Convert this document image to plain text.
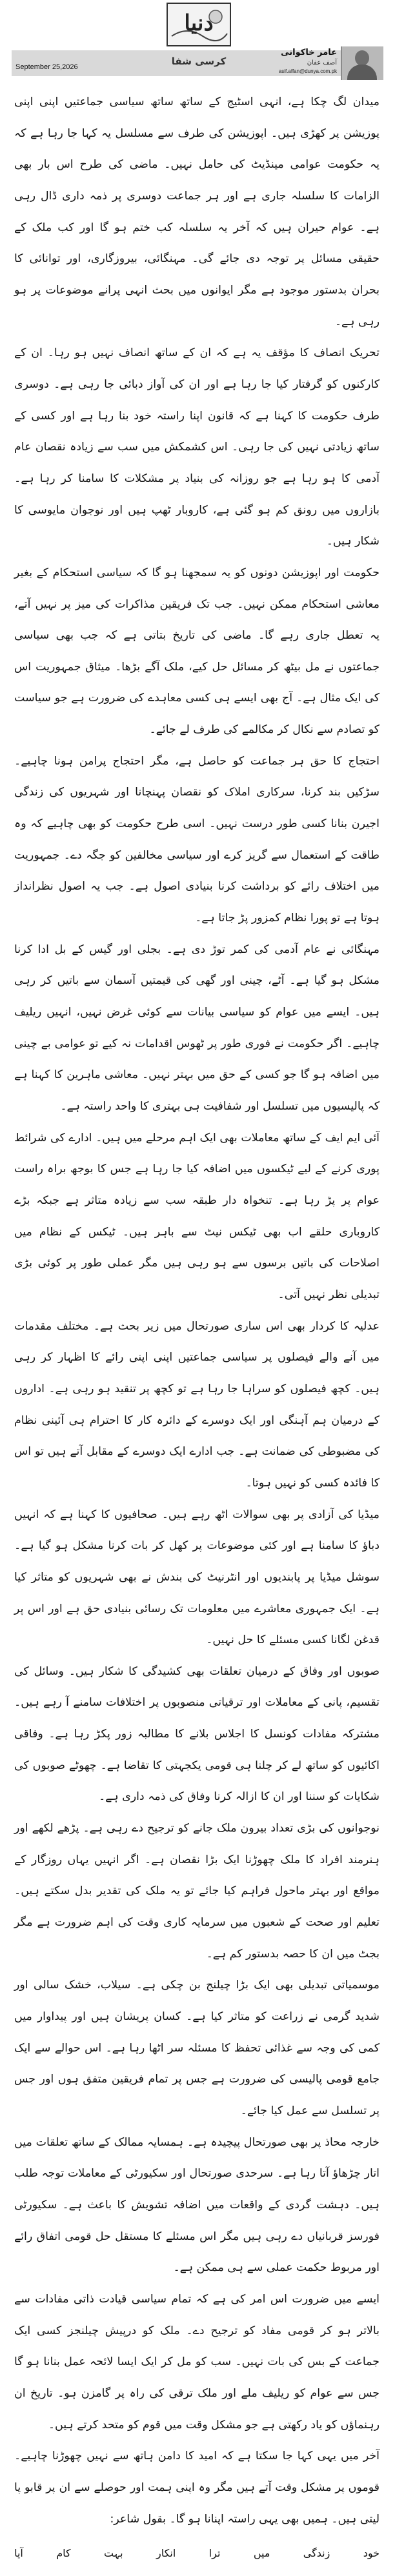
دنیا
عامر خاکوانی
آصف عفان
asif.affan@dunya.com.pk
کرسی شفا
September 25,2026

میدان لگ چکا ہے، انہی اسٹیج کے ساتھ ساتھ سیاسی جماعتیں اپنی اپنی پوزیشن پر کھڑی ہیں۔ اپوزیشن کی طرف سے مسلسل یہ کہا جا رہا ہے کہ یہ حکومت عوامی مینڈیٹ کی حامل نہیں۔ ماضی کی طرح اس بار بھی الزامات کا سلسلہ جاری ہے اور ہر جماعت دوسری پر ذمہ داری ڈال رہی ہے۔ عوام حیران ہیں کہ آخر یہ سلسلہ کب ختم ہو گا اور کب ملک کے حقیقی مسائل پر توجہ دی جائے گی۔ مہنگائی، بیروزگاری، اور توانائی کا بحران بدستور موجود ہے مگر ایوانوں میں بحث انہی پرانے موضوعات پر ہو رہی ہے۔

تحریک انصاف کا مؤقف یہ ہے کہ ان کے ساتھ انصاف نہیں ہو رہا۔ ان کے کارکنوں کو گرفتار کیا جا رہا ہے اور ان کی آواز دبائی جا رہی ہے۔ دوسری طرف حکومت کا کہنا ہے کہ قانون اپنا راستہ خود بنا رہا ہے اور کسی کے ساتھ زیادتی نہیں کی جا رہی۔ اس کشمکش میں سب سے زیادہ نقصان عام آدمی کا ہو رہا ہے جو روزانہ کی بنیاد پر مشکلات کا سامنا کر رہا ہے۔ بازاروں میں رونق کم ہو گئی ہے، کاروبار ٹھپ ہیں اور نوجوان مایوسی کا شکار ہیں۔

حکومت اور اپوزیشن دونوں کو یہ سمجھنا ہو گا کہ سیاسی استحکام کے بغیر معاشی استحکام ممکن نہیں۔ جب تک فریقین مذاکرات کی میز پر نہیں آتے، یہ تعطل جاری رہے گا۔ ماضی کی تاریخ بتاتی ہے کہ جب بھی سیاسی جماعتوں نے مل بیٹھ کر مسائل حل کیے، ملک آگے بڑھا۔ میثاق جمہوریت اس کی ایک مثال ہے۔ آج بھی ایسے ہی کسی معاہدے کی ضرورت ہے جو سیاست کو تصادم سے نکال کر مکالمے کی طرف لے جائے۔

احتجاج کا حق ہر جماعت کو حاصل ہے، مگر احتجاج پرامن ہونا چاہیے۔ سڑکیں بند کرنا، سرکاری املاک کو نقصان پہنچانا اور شہریوں کی زندگی اجیرن بنانا کسی طور درست نہیں۔ اسی طرح حکومت کو بھی چاہیے کہ وہ طاقت کے استعمال سے گریز کرے اور سیاسی مخالفین کو جگہ دے۔ جمہوریت میں اختلاف رائے کو برداشت کرنا بنیادی اصول ہے۔ جب یہ اصول نظرانداز ہوتا ہے تو پورا نظام کمزور پڑ جاتا ہے۔

مہنگائی نے عام آدمی کی کمر توڑ دی ہے۔ بجلی اور گیس کے بل ادا کرنا مشکل ہو گیا ہے۔ آٹے، چینی اور گھی کی قیمتیں آسمان سے باتیں کر رہی ہیں۔ ایسے میں عوام کو سیاسی بیانات سے کوئی غرض نہیں، انہیں ریلیف چاہیے۔ اگر حکومت نے فوری طور پر ٹھوس اقدامات نہ کیے تو عوامی بے چینی میں اضافہ ہو گا جو کسی کے حق میں بہتر نہیں۔ معاشی ماہرین کا کہنا ہے کہ پالیسیوں میں تسلسل اور شفافیت ہی بہتری کا واحد راستہ ہے۔

آئی ایم ایف کے ساتھ معاملات بھی ایک اہم مرحلے میں ہیں۔ ادارے کی شرائط پوری کرنے کے لیے ٹیکسوں میں اضافہ کیا جا رہا ہے جس کا بوجھ براہ راست عوام پر پڑ رہا ہے۔ تنخواہ دار طبقہ سب سے زیادہ متاثر ہے جبکہ بڑے کاروباری حلقے اب بھی ٹیکس نیٹ سے باہر ہیں۔ ٹیکس کے نظام میں اصلاحات کی باتیں برسوں سے ہو رہی ہیں مگر عملی طور پر کوئی بڑی تبدیلی نظر نہیں آتی۔

عدلیہ کا کردار بھی اس ساری صورتحال میں زیر بحث ہے۔ مختلف مقدمات میں آنے والے فیصلوں پر سیاسی جماعتیں اپنی اپنی رائے کا اظہار کر رہی ہیں۔ کچھ فیصلوں کو سراہا جا رہا ہے تو کچھ پر تنقید ہو رہی ہے۔ اداروں کے درمیان ہم آہنگی اور ایک دوسرے کے دائرہ کار کا احترام ہی آئینی نظام کی مضبوطی کی ضمانت ہے۔ جب ادارے ایک دوسرے کے مقابل آتے ہیں تو اس کا فائدہ کسی کو نہیں ہوتا۔

میڈیا کی آزادی پر بھی سوالات اٹھ رہے ہیں۔ صحافیوں کا کہنا ہے کہ انہیں دباؤ کا سامنا ہے اور کئی موضوعات پر کھل کر بات کرنا مشکل ہو گیا ہے۔ سوشل میڈیا پر پابندیوں اور انٹرنیٹ کی بندش نے بھی شہریوں کو متاثر کیا ہے۔ ایک جمہوری معاشرے میں معلومات تک رسائی بنیادی حق ہے اور اس پر قدغن لگانا کسی مسئلے کا حل نہیں۔

صوبوں اور وفاق کے درمیان تعلقات بھی کشیدگی کا شکار ہیں۔ وسائل کی تقسیم، پانی کے معاملات اور ترقیاتی منصوبوں پر اختلافات سامنے آ رہے ہیں۔ مشترکہ مفادات کونسل کا اجلاس بلانے کا مطالبہ زور پکڑ رہا ہے۔ وفاقی اکائیوں کو ساتھ لے کر چلنا ہی قومی یکجہتی کا تقاضا ہے۔ چھوٹے صوبوں کی شکایات کو سننا اور ان کا ازالہ کرنا وفاق کی ذمہ داری ہے۔

نوجوانوں کی بڑی تعداد بیرون ملک جانے کو ترجیح دے رہی ہے۔ پڑھے لکھے اور ہنرمند افراد کا ملک چھوڑنا ایک بڑا نقصان ہے۔ اگر انہیں یہاں روزگار کے مواقع اور بہتر ماحول فراہم کیا جائے تو یہ ملک کی تقدیر بدل سکتے ہیں۔ تعلیم اور صحت کے شعبوں میں سرمایہ کاری وقت کی اہم ضرورت ہے مگر بجٹ میں ان کا حصہ بدستور کم ہے۔

موسمیاتی تبدیلی بھی ایک بڑا چیلنج بن چکی ہے۔ سیلاب، خشک سالی اور شدید گرمی نے زراعت کو متاثر کیا ہے۔ کسان پریشان ہیں اور پیداوار میں کمی کی وجہ سے غذائی تحفظ کا مسئلہ سر اٹھا رہا ہے۔ اس حوالے سے ایک جامع قومی پالیسی کی ضرورت ہے جس پر تمام فریقین متفق ہوں اور جس پر تسلسل سے عمل کیا جائے۔

خارجہ محاذ پر بھی صورتحال پیچیدہ ہے۔ ہمسایہ ممالک کے ساتھ تعلقات میں اتار چڑھاؤ آتا رہا ہے۔ سرحدی صورتحال اور سکیورٹی کے معاملات توجہ طلب ہیں۔ دہشت گردی کے واقعات میں اضافہ تشویش کا باعث ہے۔ سکیورٹی فورسز قربانیاں دے رہی ہیں مگر اس مسئلے کا مستقل حل قومی اتفاق رائے اور مربوط حکمت عملی سے ہی ممکن ہے۔

ایسے میں ضرورت اس امر کی ہے کہ تمام سیاسی قیادت ذاتی مفادات سے بالاتر ہو کر قومی مفاد کو ترجیح دے۔ ملک کو درپیش چیلنجز کسی ایک جماعت کے بس کی بات نہیں۔ سب کو مل کر ایک ایسا لائحہ عمل بنانا ہو گا جس سے عوام کو ریلیف ملے اور ملک ترقی کی راہ پر گامزن ہو۔ تاریخ ان رہنماؤں کو یاد رکھتی ہے جو مشکل وقت میں قوم کو متحد کرتے ہیں۔

آخر میں یہی کہا جا سکتا ہے کہ امید کا دامن ہاتھ سے نہیں چھوڑنا چاہیے۔ قوموں پر مشکل وقت آتے ہیں مگر وہ اپنی ہمت اور حوصلے سے ان پر قابو پا لیتی ہیں۔ ہمیں بھی یہی راستہ اپنانا ہو گا۔ بقول شاعر:

خود
زندگی
میں
ترا
انکار
بہت
کام
آیا
